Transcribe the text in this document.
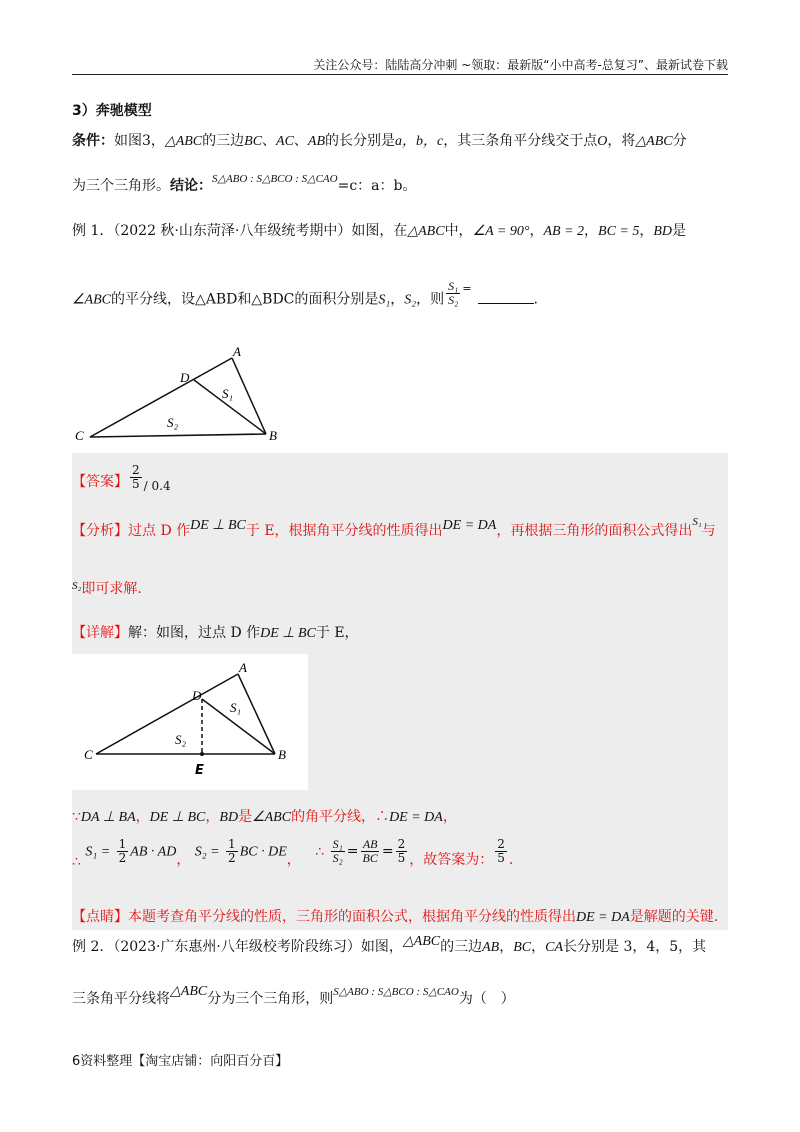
关注公众号：陆陆高分冲刺 ~领取：最新版“小中高考-总复习”、最新试卷下载
3）奔驰模型
条件：如图3，△ABC的三边BC、AC、AB的长分别是a，b，c，其三条角平分线交于点O，将△ABC分
为三个三角形。结论：$^{S\triangle ABO : S\triangle BCO : S\triangle CAO}$=c：a：b。
例 1．（2022 秋·山东菏泽·八年级统考期中）如图，在△ABC中，∠A = 90°，AB = 2，BC = 5，BD是
∠ABC的平分线，设△ABD和△BDC的面积分别是S₁，S₂，则 $\frac{\text{S₁}}{\text{S₂}} ^=$.
A
B
C
D
S₁
S₂
【答案】 $\frac{2}{5} / 0.4$
【分析】过点 D 作DE ⊥ BC于 E，根据角平分线的性质得出DE = DA，再根据三角形的面积公式得出$^{S_1}$与
$^{S_2}$即可求解.
【详解】解：如图，过点 D 作DE ⊥ BC于 E，
A
B
C
D
E
S₁
S₂
∵DA ⊥ BA，DE ⊥ BC，BD是∠ABC的角平分线，∴DE = DA，
∴ $S_1 = \frac{1}{2}$ AB · AD， $S_2 = \frac{1}{2}$ BC · DE， ∴ $\frac{\text{S₁}}{\text{S₂}} = \frac{AB}{BC} = \frac{2}{5}$ ，故答案为： $\frac{2}{5}$ .
【点睛】本题考查角平分线的性质，三角形的面积公式，根据角平分线的性质得出DE = DA是解题的关键.
例 2．（2023·广东惠州·八年级校考阶段练习）如图，△ABC的三边AB，BC，CA长分别是 3，4，5，其
三条角平分线将△ABC分为三个三角形，则$^{S\triangle ABO : S\triangle BCO : S\triangle CAO}$为（　）
6资料整理【淘宝店铺：向阳百分百】
